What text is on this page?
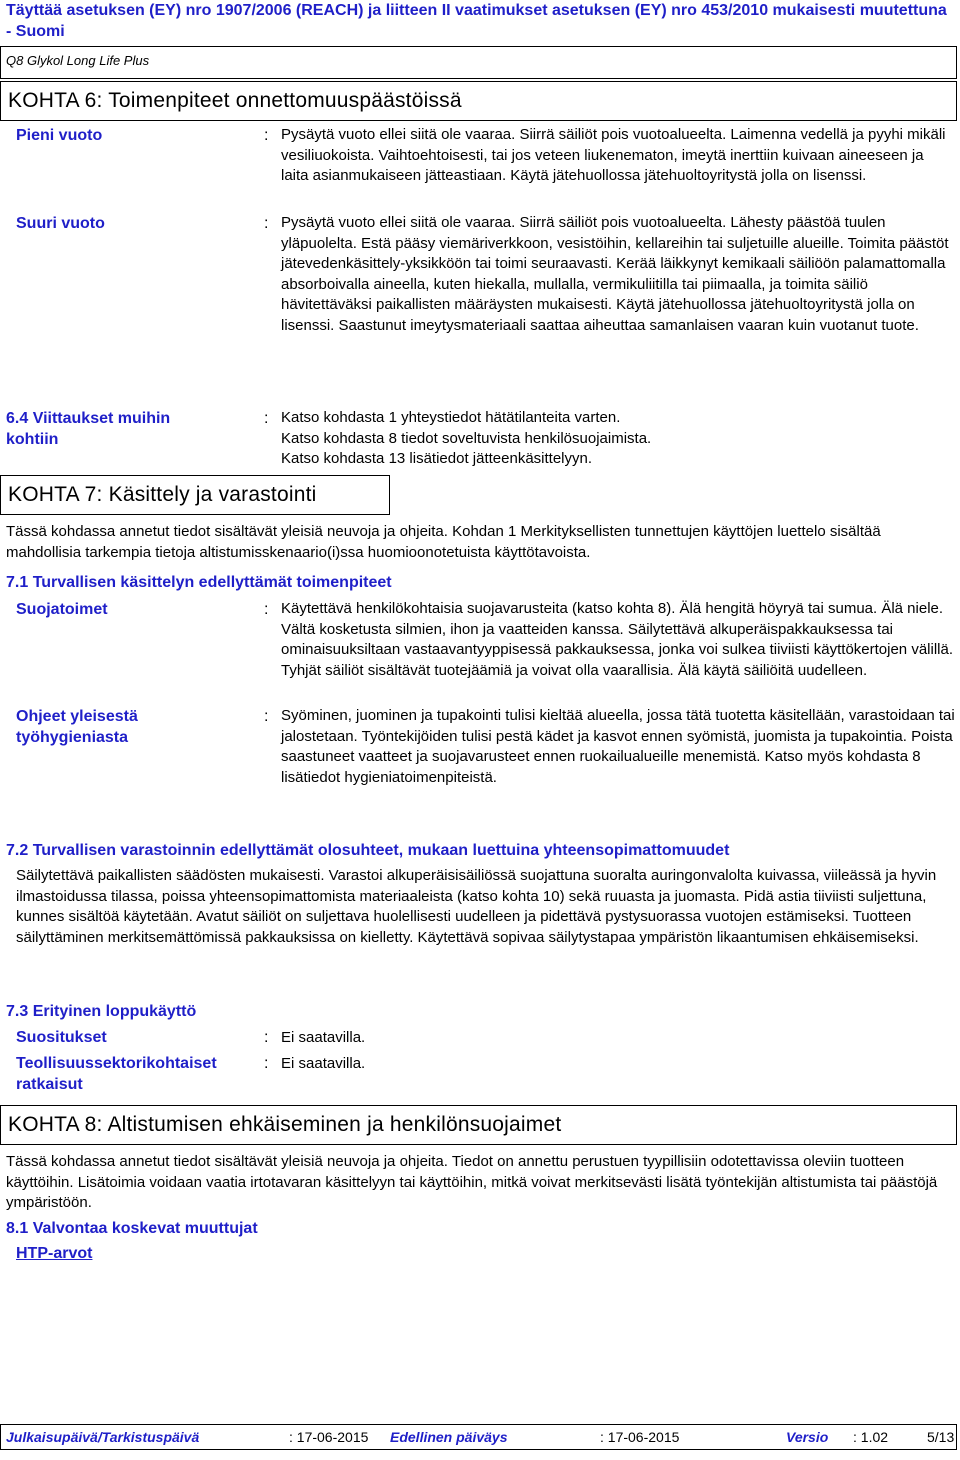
Täyttää asetuksen (EY) nro 1907/2006 (REACH) ja liitteen II vaatimukset asetuksen (EY) nro 453/2010 mukaisesti muutettuna - Suomi
Q8 Glykol Long Life Plus
KOHTA 6: Toimenpiteet onnettomuuspäästöissä
Pieni vuoto	: Pysäytä vuoto ellei siitä ole vaaraa. Siirrä säiliöt pois vuotoalueelta. Laimenna vedellä ja pyyhi mikäli vesiliuokoista. Vaihtoehtoisesti, tai jos veteen liukenematon, imeytä inerttiin kuivaan aineeseen ja laita asianmukaiseen jätteastiaan. Käytä jätehuollossa jätehuoltoyritystä jolla on lisenssi.
Suuri vuoto	: Pysäytä vuoto ellei siitä ole vaaraa. Siirrä säiliöt pois vuotoalueelta. Lähesty päästöä tuulen yläpuolelta. Estä pääsy viemäriverkkoon, vesistöihin, kellareihin tai suljetuille alueille. Toimita päästöt jätevedenkäsittely-yksikköön tai toimi seuraavasti. Kerää läikkynyt kemikaali säiliöön palamattomalla absorboivalla aineella, kuten hiekalla, mullalla, vermikuliitilla tai piimaalla, ja toimita säiliö hävitettäväksi paikallisten määräysten mukaisesti. Käytä jätehuollossa jätehuoltoyritystä jolla on lisenssi. Saastunut imeytysmateriaali saattaa aiheuttaa samanlaisen vaaran kuin vuotanut tuote.
6.4 Viittaukset muihin kohtiin
: Katso kohdasta 1 yhteystiedot hätätilanteita varten.
Katso kohdasta 8 tiedot soveltuvista henkilösuojaimista.
Katso kohdasta 13 lisätiedot jätteenkäsittelyyn.
KOHTA 7: Käsittely ja varastointi
Tässä kohdassa annetut tiedot sisältävät yleisiä neuvoja ja ohjeita. Kohdan 1 Merkityksellisten tunnettujen käyttöjen luettelo sisältää mahdollisia tarkempia tietoja altistumisskenaario(i)ssa huomioonotetuista käyttötavoista.
7.1 Turvallisen käsittelyn edellyttämät toimenpiteet
Suojatoimet	: Käytettävä henkilökohtaisia suojavarusteita (katso kohta 8). Älä hengitä höyryä tai sumua. Älä niele. Vältä kosketusta silmien, ihon ja vaatteiden kanssa. Säilytettävä alkuperäispakkauksessa tai ominaisuuksiltaan vastaavantyyppisessä pakkauksessa, jonka voi sulkea tiiviisti käyttökertojen välillä. Tyhjät säiliöt sisältävät tuotejäämiä ja voivat olla vaarallisia. Älä käytä säiliöitä uudelleen.
Ohjeet yleisestä työhygieniasta
: Syöminen, juominen ja tupakointi tulisi kieltää alueella, jossa tätä tuotetta käsitellään, varastoidaan tai jalostetaan. Työntekijöiden tulisi pestä kädet ja kasvot ennen syömistä, juomista ja tupakointia. Poista saastuneet vaatteet ja suojavarusteet ennen ruokailualueille menemistä. Katso myös kohdasta 8 lisätiedot hygieniatoimenpiteistä.
7.2 Turvallisen varastoinnin edellyttämät olosuhteet, mukaan luettuina yhteensopimattomuudet
Säilytettävä paikallisten säädösten mukaisesti. Varastoi alkuperäisisäiliössä suojattuna suoralta auringonvalolta kuivassa, viileässä ja hyvin ilmastoidussa tilassa, poissa yhteensopimattomista materiaaleista (katso kohta 10) sekä ruuasta ja juomasta. Pidä astia tiiviisti suljettuna, kunnes sisältöä käytetään. Avatut säiliöt on suljettava huolellisesti uudelleen ja pidettävä pystysuorassa vuotojen estämiseksi. Tuotteen säilyttäminen merkitsemättömissä pakkauksissa on kielletty. Käytettävä sopivaa säilytystapaa ympäristön likaantumisen ehkäisemiseksi.
7.3 Erityinen loppukäyttö
Suositukset	: Ei saatavilla.
Teollisuussektorikohtaiset ratkaisut
: Ei saatavilla.
KOHTA 8: Altistumisen ehkäiseminen ja henkilönsuojaimet
Tässä kohdassa annetut tiedot sisältävät yleisiä neuvoja ja ohjeita. Tiedot on annettu perustuen tyypillisiin odotettavissa oleviin tuotteen käyttöihin. Lisätoimia voidaan vaatia irtotavaran käsittelyyn tai käyttöihin, mitkä voivat merkitsevästi lisätä työntekijän altistumista tai päästöjä ympäristöön.
8.1 Valvontaa koskevat muuttujat
HTP-arvot
Julkaisupäivä/Tarkistuspäivä	: 17-06-2015 Edellinen päiväys	: 17-06-2015	Versio : 1.02	5/13
